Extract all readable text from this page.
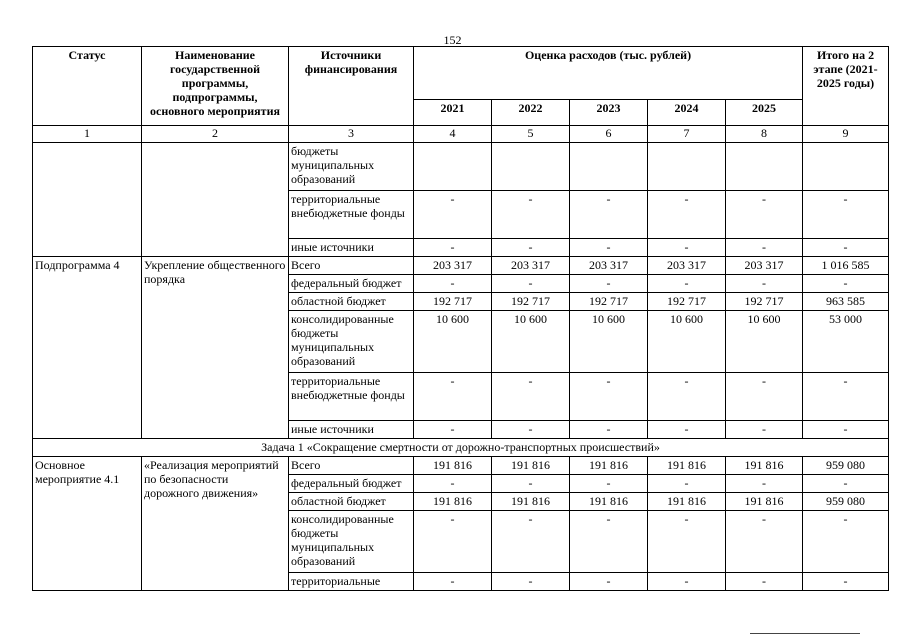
152
Статус	Наименование государственной программы, подпрограммы, основного мероприятия	Источники финансирования	Оценка расходов (тыс. рублей)					Итого на 2 этапе (2021-2025 годы)
			2021	2022	2023	2024	2025	
1	2	3	4	5	6	7	8	9
		бюджеты муниципальных образований						
		территориальные внебюджетные фонды	-	-	-	-	-	-
		иные источники	-	-	-	-	-	-
Подпрограмма 4	Укрепление общественного порядка	Всего	203 317	203 317	203 317	203 317	203 317	1 016 585
		федеральный бюджет	-	-	-	-	-	-
		областной бюджет	192 717	192 717	192 717	192 717	192 717	963 585
		консолидированные бюджеты муниципальных образований	10 600	10 600	10 600	10 600	10 600	53 000
		территориальные внебюджетные фонды	-	-	-	-	-	-
		иные источники	-	-	-	-	-	-
Задача 1 «Сокращение смертности от дорожно-транспортных происшествий»								
Основное мероприятие 4.1	«Реализация мероприятий по безопасности дорожного движения»	Всего	191 816	191 816	191 816	191 816	191 816	959 080
		федеральный бюджет	-	-	-	-	-	-
		областной бюджет	191 816	191 816	191 816	191 816	191 816	959 080
		консолидированные бюджеты муниципальных образований	-	-	-	-	-	-
		территориальные	-	-	-	-	-	-
